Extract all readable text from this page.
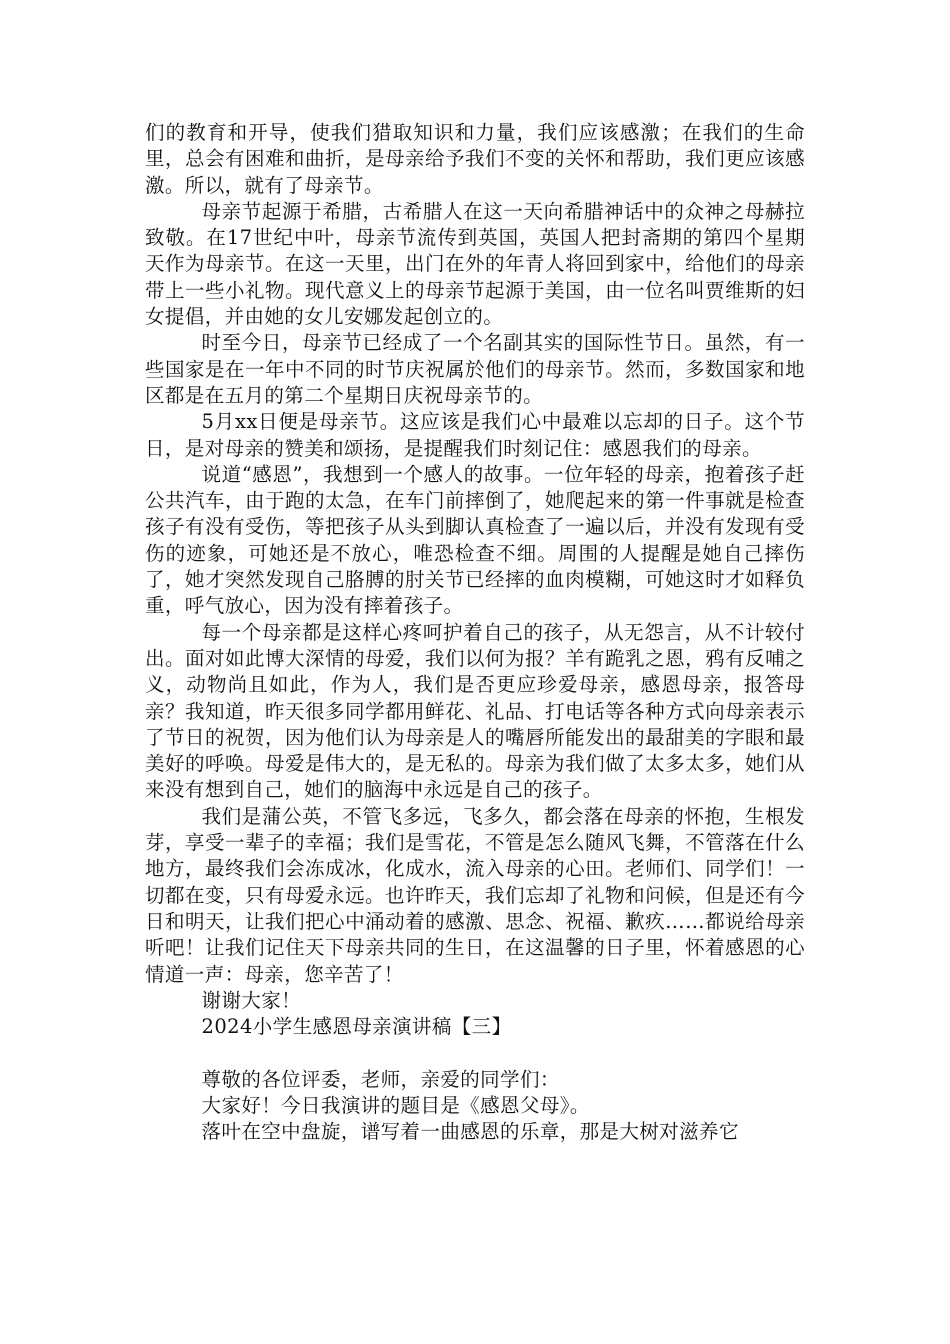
们的教育和开导，使我们猎取知识和力量，我们应该感激；在我们的生命里，总会有困难和曲折，是母亲给予我们不变的关怀和帮助，我们更应该感激。所以，就有了母亲节。

母亲节起源于希腊，古希腊人在这一天向希腊神话中的众神之母赫拉致敬。在17世纪中叶，母亲节流传到英国，英国人把封斋期的第四个星期天作为母亲节。在这一天里，出门在外的年青人将回到家中，给他们的母亲带上一些小礼物。现代意义上的母亲节起源于美国，由一位名叫贾维斯的妇女提倡，并由她的女儿安娜发起创立的。

时至今日，母亲节已经成了一个名副其实的国际性节日。虽然，有一些国家是在一年中不同的时节庆祝属於他们的母亲节。然而，多数国家和地区都是在五月的第二个星期日庆祝母亲节的。

5月xx日便是母亲节。这应该是我们心中最难以忘却的日子。这个节日，是对母亲的赞美和颂扬，是提醒我们时刻记住：感恩我们的母亲。

说道“感恩”，我想到一个感人的故事。一位年轻的母亲，抱着孩子赶公共汽车，由于跑的太急，在车门前摔倒了，她爬起来的第一件事就是检查孩子有没有受伤，等把孩子从头到脚认真检查了一遍以后，并没有发现有受伤的迹象，可她还是不放心，唯恐检查不细。周围的人提醒是她自己摔伤了，她才突然发现自己胳膊的肘关节已经摔的血肉模糊，可她这时才如释负重，呼气放心，因为没有摔着孩子。

每一个母亲都是这样心疼呵护着自己的孩子，从无怨言，从不计较付出。面对如此博大深情的母爱，我们以何为报？羊有跪乳之恩，鸦有反哺之义，动物尚且如此，作为人，我们是否更应珍爱母亲，感恩母亲，报答母亲？我知道，昨天很多同学都用鲜花、礼品、打电话等各种方式向母亲表示了节日的祝贺，因为他们认为母亲是人的嘴唇所能发出的最甜美的字眼和最美好的呼唤。母爱是伟大的，是无私的。母亲为我们做了太多太多，她们从来没有想到自己，她们的脑海中永远是自己的孩子。

我们是蒲公英，不管飞多远，飞多久，都会落在母亲的怀抱，生根发芽，享受一辈子的幸福；我们是雪花，不管是怎么随风飞舞，不管落在什么地方，最终我们会冻成冰，化成水，流入母亲的心田。老师们、同学们！一切都在变，只有母爱永远。也许昨天，我们忘却了礼物和问候，但是还有今日和明天，让我们把心中涌动着的感激、思念、祝福、歉疚……都说给母亲听吧！让我们记住天下母亲共同的生日，在这温馨的日子里，怀着感恩的心情道一声：母亲，您辛苦了！

谢谢大家！

2024小学生感恩母亲演讲稿【三】

尊敬的各位评委，老师，亲爱的同学们：

大家好！今日我演讲的题目是《感恩父母》。

落叶在空中盘旋，谱写着一曲感恩的乐章，那是大树对滋养它
